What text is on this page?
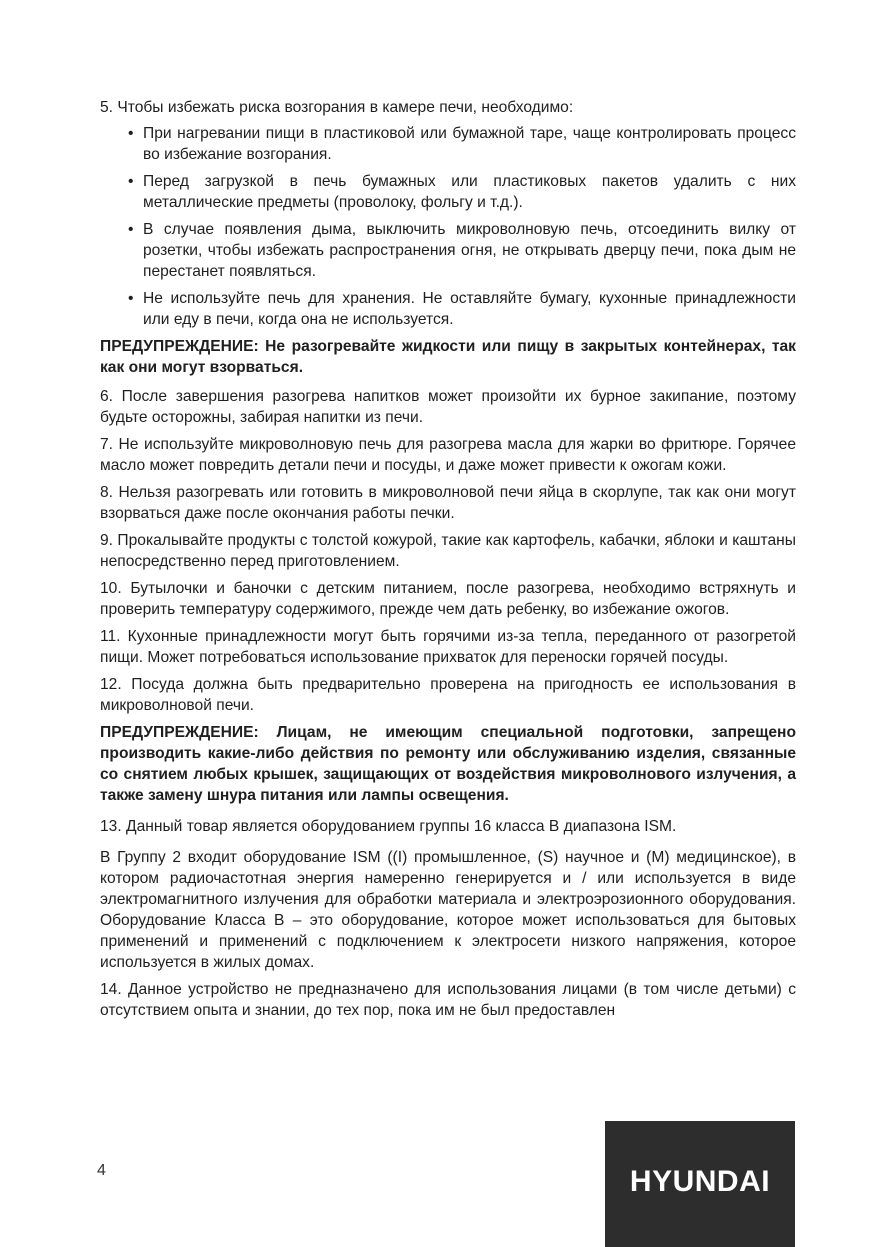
5. Чтобы избежать риска возгорания в камере печи, необходимо:

• При нагревании пищи в пластиковой или бумажной таре, чаще контролировать процесс во избежание возгорания.
• Перед загрузкой в печь бумажных или пластиковых пакетов удалить с них металлические предметы (проволоку, фольгу и т.д.).
• В случае появления дыма, выключить микроволновую печь, отсоединить вилку от розетки, чтобы избежать распространения огня, не открывать дверцу печи, пока дым не перестанет появляться.
• Не используйте печь для хранения. Не оставляйте бумагу, кухонные принадлежности или еду в печи, когда она не используется.

ПРЕДУПРЕЖДЕНИЕ: Не разогревайте жидкости или пищу в закрытых контейнерах, так как они могут взорваться.

6. После завершения разогрева напитков может произойти их бурное закипание, поэтому будьте осторожны, забирая напитки из печи.

7. Не используйте микроволновую печь для разогрева масла для жарки во фритюре. Горячее масло может повредить детали печи и посуды, и даже может привести к ожогам кожи.

8. Нельзя разогревать или готовить в микроволновой печи яйца в скорлупе, так как они могут взорваться даже после окончания работы печки.

9. Прокалывайте продукты с толстой кожурой, такие как картофель, кабачки, яблоки и каштаны непосредственно перед приготовлением.

10. Бутылочки и баночки с детским питанием, после разогрева, необходимо встряхнуть и проверить температуру содержимого, прежде чем дать ребенку, во избежание ожогов.

11. Кухонные принадлежности могут быть горячими из-за тепла, переданного от разогретой пищи. Может потребоваться использование прихваток для переноски горячей посуды.

12. Посуда должна быть предварительно проверена на пригодность ее использования в микроволновой печи.

ПРЕДУПРЕЖДЕНИЕ: Лицам, не имеющим специальной подготовки, запрещено производить какие-либо действия по ремонту или обслуживанию изделия, связанные со снятием любых крышек, защищающих от воздействия микроволнового излучения, а также замену шнура питания или лампы освещения.

13. Данный товар является оборудованием группы 16 класса В диапазона ISM.

В Группу 2 входит оборудование ISM ((I) промышленное, (S) научное и (M) медицинское), в котором радиочастотная энергия намеренно генерируется и / или используется в виде электромагнитного излучения для обработки материала и электроэрозионного оборудования. Оборудование Класса В – это оборудование, которое может использоваться для бытовых применений и применений с подключением к электросети низкого напряжения, которое используется в жилых домах.

14. Данное устройство не предназначено для использования лицами (в том числе детьми) с отсутствием опыта и знании, до тех пор, пока им не был предоставлен

4	HYUNDAI
